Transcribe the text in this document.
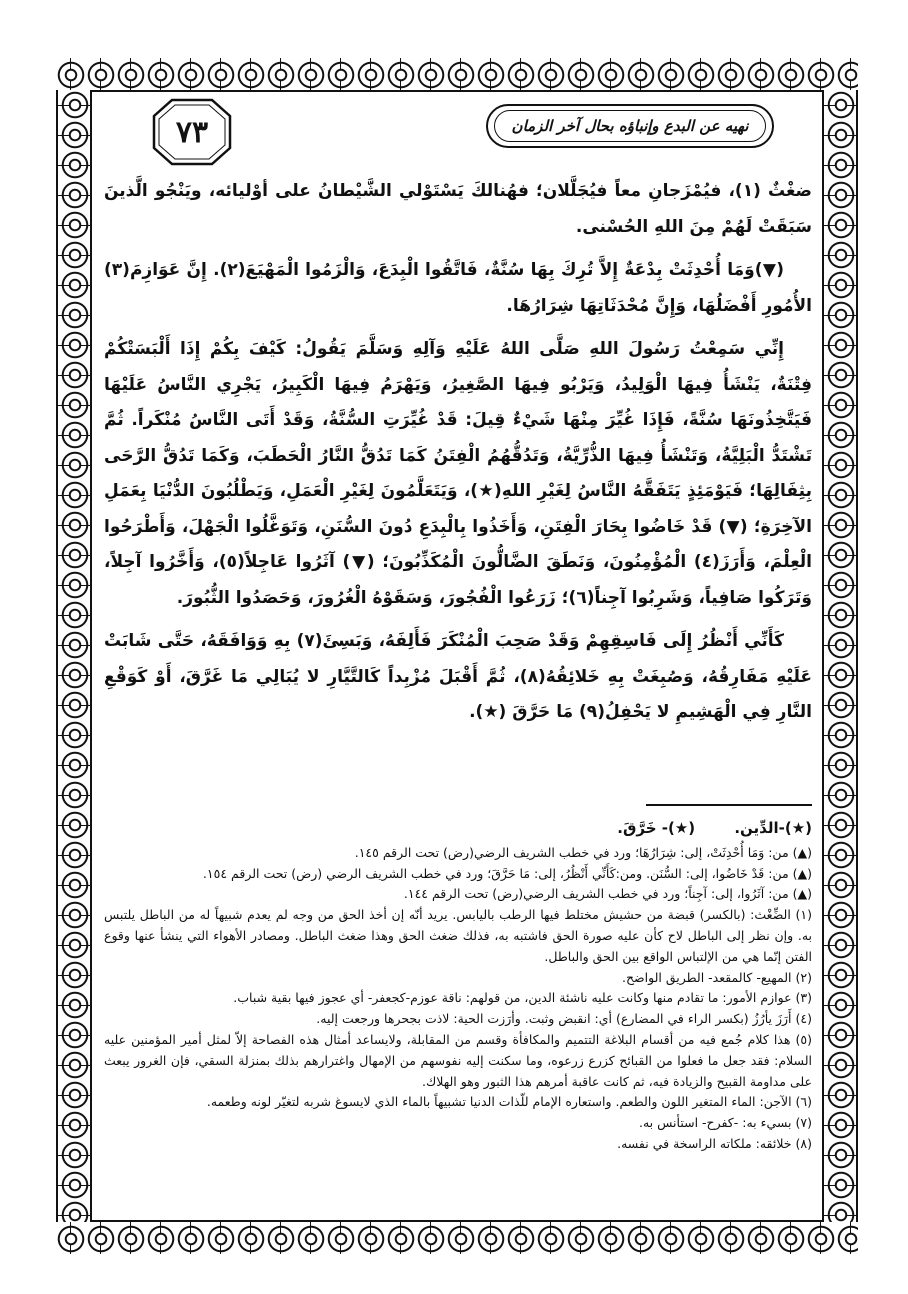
نهيه عن البدع وإنباؤه بحال آخر الزمان
٧٣

ضغْثٌ (١)، فيُمْزَجانِ معاً فيُجَلَّلان؛ فهُنالكَ يَسْتَوْلي الشَّيْطانُ على أوْليائه، ويَنْجُو الَّذينَ سَبَقَتْ لَهُمْ مِنَ اللهِ الحُسْنى.

(▼)وَمَا أُحْدِثَتْ بِدْعَةٌ إِلاَّ تُرِكَ بِهَا سُنَّةٌ، فَاتَّقُوا الْبِدَعَ، وَالْزَمُوا الْمَهْيَعَ(٢). إِنَّ عَوَازِمَ(٣) الأُمُورِ أَفْضَلُهَا، وَإِنَّ مُحْدَثَاتِهَا شِرَارُهَا.

إِنِّي سَمِعْتُ رَسُولَ اللهِ صَلَّى اللهُ عَلَيْهِ وَآلِهِ وَسَلَّمَ يَقُولُ: كَيْفَ بِكُمْ إِذَا أَلْبَسَتْكُمْ فِتْنَةٌ، يَنْشَأُ فِيهَا الْوَلِيدُ، وَيَرْبُو فِيهَا الصَّغِيرُ، وَيَهْرَمُ فِيهَا الْكَبِيرُ، يَجْرِي النَّاسُ عَلَيْهَا فَيَتَّخِذُونَهَا سُنَّةً، فَإِذَا غُيِّرَ مِنْهَا شَيْءٌ قِيلَ: قَدْ غُيِّرَتِ السُّنَّةُ، وَقَدْ أَتَى النَّاسُ مُنْكَراً. ثُمَّ تَشْتَدُّ الْبَلِيَّةُ، وَتَنْشَأُ فِيهَا الذُّرِّيَّةُ، وَتَدُقُّهُمُ الْفِتَنُ كَمَا تَدُقُّ النَّارُ الْحَطَبَ، وَكَمَا تَدُقُّ الرَّحَى بِثِفَالِهَا؛ فَيَوْمَئِذٍ يَتَفَقَّهُ النَّاسُ لِغَيْرِ اللهِ(★)، وَيَتَعَلَّمُونَ لِغَيْرِ الْعَمَلِ، وَيَطْلُبُونَ الدُّنْيَا بِعَمَلِ الآخِرَةِ؛ (▼) قَدْ خَاضُوا بِحَارَ الْفِتَنِ، وَأَخَذُوا بِالْبِدَعِ دُونَ السُّنَنِ، وَتَوَغَّلُوا الْجَهْلَ، وَأَطْرَحُوا الْعِلْمَ، وَأَرَزَ(٤) الْمُؤْمِنُونَ، وَنَطَقَ الضَّالُّونَ الْمُكَذِّبُونَ؛ (▼) آثَرُوا عَاجِلاً(٥)، وَأَخَّرُوا آجِلاً، وَتَرَكُوا صَافِياً، وَشَرِبُوا آجِناً(٦)؛ زَرَعُوا الْفُجُورَ، وَسَقَوْهُ الْغُرُورَ، وَحَصَدُوا الثُّبُورَ.

كَأَنِّي أَنْظُرُ إِلَى فَاسِقِهِمْ وَقَدْ صَحِبَ الْمُنْكَرَ فَأَلِفَهُ، وَبَسِئَ(٧) بِهِ وَوَافَقَهُ، حَتَّى شَابَتْ عَلَيْهِ مَفَارِقُهُ، وَصُبِغَتْ بِهِ خَلائِقُهُ(٨)، ثُمَّ أَقْبَلَ مُزْبِداً كَالتَّيَّارِ لا يُبَالِي مَا غَرَّقَ، أَوْ كَوَقْعِ النَّارِ فِي الْهَشِيمِ لا يَحْفِلُ(٩) مَا حَرَّقَ (★).

(★)-الدِّين. (★)- خَرَّقَ.
(▲) من: وَمَا أُحْدِثَتْ، إلى: شِرَارُهَا؛ ورد في خطب الشريف الرضي(رض) تحت الرقم ١٤٥.
(▲) من: قَدْ خَاضُوا، إلى: السُّنَن. ومن:كَأَنِّي أَنْظُرُ، إلى: مَا حَرَّقَ؛ ورد في خطب الشريف الرضي (رض) تحت الرقم ١٥٤.
(▲) من: آثَرُوا، إلى: آجِناً؛ ورد في خطب الشريف الرضي(رض) تحت الرقم ١٤٤.
(١) الضِّغْث: (بالكسر) قبضة من حشيش مختلط فيها الرطب باليابس. يريد أنّه إن أخذ الحق من وجه لم يعدم شبيهاً له من الباطل يلتبس به. وإن نظر إلى الباطل لاح كأن عليه صورة الحق فاشتبه به، فذلك ضغث الحق وهذا ضغث الباطل. ومصادر الأهواء التي ينشأ عنها وقوع الفتن إنّما هي من الإلتباس الواقع بين الحق والباطل.
(٢) المهيع- كالمقعد- الطريق الواضح.
(٣) عوازم الأمور: ما تقادم منها وكانت عليه ناشئة الدين، من قولهم: ناقة عوزم-كجعفر- أي عجوز فيها بقية شباب.
(٤) أَرَزَ يأرُزُ (بكسر الراء في المضارع) أي: انقبض وثبت. وأرَزت الحية: لاذت بجحرها ورجعت إليه.
(٥) هذا كلام جُمع فيه من أقسام البلاغة التتميم والمكافأة وقسم من المقابلة، ولايساعد أمثال هذه الفصاحة إلاّ لمثل أمير المؤمنين عليه السلام: فقد جعل ما فعلوا من القبائح كزرع زرعوه، وما سكنت إليه نفوسهم من الإمهال واغترارهم بذلك بمنزلة السقي، فإن الغرور يبعث على مداومة القبيح والزيادة فيه، ثم كانت عاقبة أمرهم هذا الثبور وهو الهلاك.
(٦) الآجن: الماء المتغير اللون والطعم. واستعاره الإمام للّذات الدنيا تشبيهاً بالماء الذي لايسوغ شربه لتغيّر لونه وطعمه.
(٧) بسيء به: -كفرح- استأنس به.
(٨) خلائقه: ملكاته الراسخة في نفسه.
